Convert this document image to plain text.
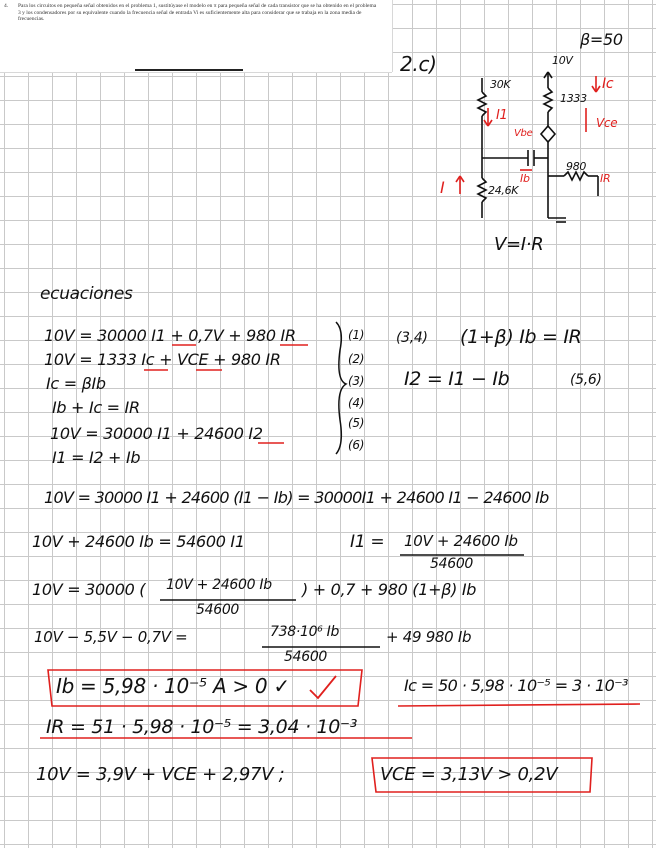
4.	Para los circuitos en pequeña señal obtenidos en el problema 1, sustitúyase el modelo en π para pequeña señal de cada transistor que se ha obtenido en el problema 3 y los condensadores por su equivalente cuando la frecuencia señal de entrada Vi es suficientemente alta para considerar que se trabaja en la zona media de frecuencias.
2.c)
β=50
10V
30K
1333
24,6K
980
Ic
Vce
I1
Vbe
Ib	IR
I
V=I·R
ecuaciones
10V = 30000 I1 + 0,7V + 980 IR
10V = 1333 Ic + VCE + 980 IR
Ic = βIb
Ib + Ic = IR
10V = 30000 I1 + 24600 I2
I1 = I2 + Ib
(1)
(2)
(3)
(4)
(5)
(6)
(3,4) (1+β) Ib = IR
I2 = I1 − Ib	(5,6)
10V = 30000 I1 + 24600 (I1 − Ib) = 30000I1 + 24600 I1 − 24600 Ib
10V + 24600 Ib = 54600 I1	I1 = 10V + 24600 Ib
54600
10V = 30000 ( 10V + 24600 Ib
54600
) + 0,7 + 980 (1+β) Ib
10V − 5,5V − 0,7V =	738·10⁶ Ib
54600
+ 49 980 Ib
Ib = 5,98 · 10⁻⁵ A > 0 ✓	Ic = 50 · 5,98 · 10⁻⁵ = 3 · 10⁻³
IR = 51 · 5,98 · 10⁻⁵ = 3,04 · 10⁻³
10V = 3,9V + VCE + 2,97V ;	VCE = 3,13V > 0,2V
